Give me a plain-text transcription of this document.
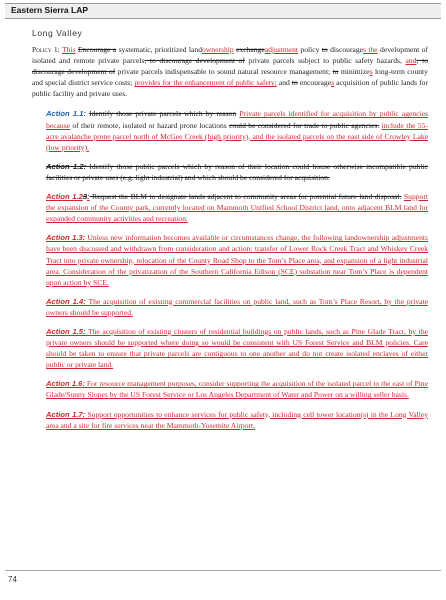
Eastern Sierra LAP
Long Valley

Policy 1: This Encourage a systematic, prioritized landownership exchangeadjustment policy to discourages the development of isolated and remote private parcels, to discourage development of private parcels subject to public safety hazards, and; to discourage development of private parcels indispensable to sound natural resource management; to minimizes long-term county and special district service costs; provides for the enhancement of public safety; and to encourages acquisition of public lands for public facility and private uses.

Action 1.1: Identify those private parcels which by reason Private parcels identified for acquisition by public agencies because of their remote, isolated or hazard prone locations could be considered for trade to public agencies. include the 55-acre avalanche prone parcel north of McGee Creek (high priority), and the isolated parcels on the east side of Crowley Lake (low priority).

Action 1.2: Identify those public parcels which by reason of their location could house otherwise incompatible public facilities or private uses (e.g. light industrial) and which should be considered for acquisition.

Action 1.23: Request the BLM to designate lands adjacent to community areas for potential future land disposal. Support the expansion of the County park, currently located on Mammoth Unified School District land, onto adjacent BLM land for expanded community activities and recreation.

Action 1.3: Unless new information becomes available or circumstances change, the following landownership adjustments have been discussed and withdrawn from consideration and action: transfer of Lower Rock Creek Tract and Whiskey Creek Tract into private ownership, relocation of the County Road Shop to the Tom’s Place area, and expansion of a light industrial area. Consideration of the privatization of the Southern California Edison (SCE) substation near Tom’s Place is dependent upon action by SCE.

Action 1.4: The acquisition of existing commercial facilities on public land, such as Tom’s Place Resort, by the private owners should be supported.

Action 1.5: The acquisition of existing clusters of residential buildings on public lands, such as Pine Glade Tract, by the private owners should be supported where doing so would be consistent with US Forest Service and BLM policies. Care should be taken to ensure that private parcels are contiguous to one another and do not create isolated enclaves of either public or private land.

Action 1.6: For resource management purposes, consider supporting the acquisition of the isolated parcel to the east of Pine Glade/Sunny Slopes by the US Forest Service or Los Angeles Department of Water and Power on a willing seller basis.

Action 1.7: Support opportunities to enhance services for public safety, including cell tower location(s) in the Long Valley area and a site for fire services near the Mammoth-Yosemite Airport.

74
